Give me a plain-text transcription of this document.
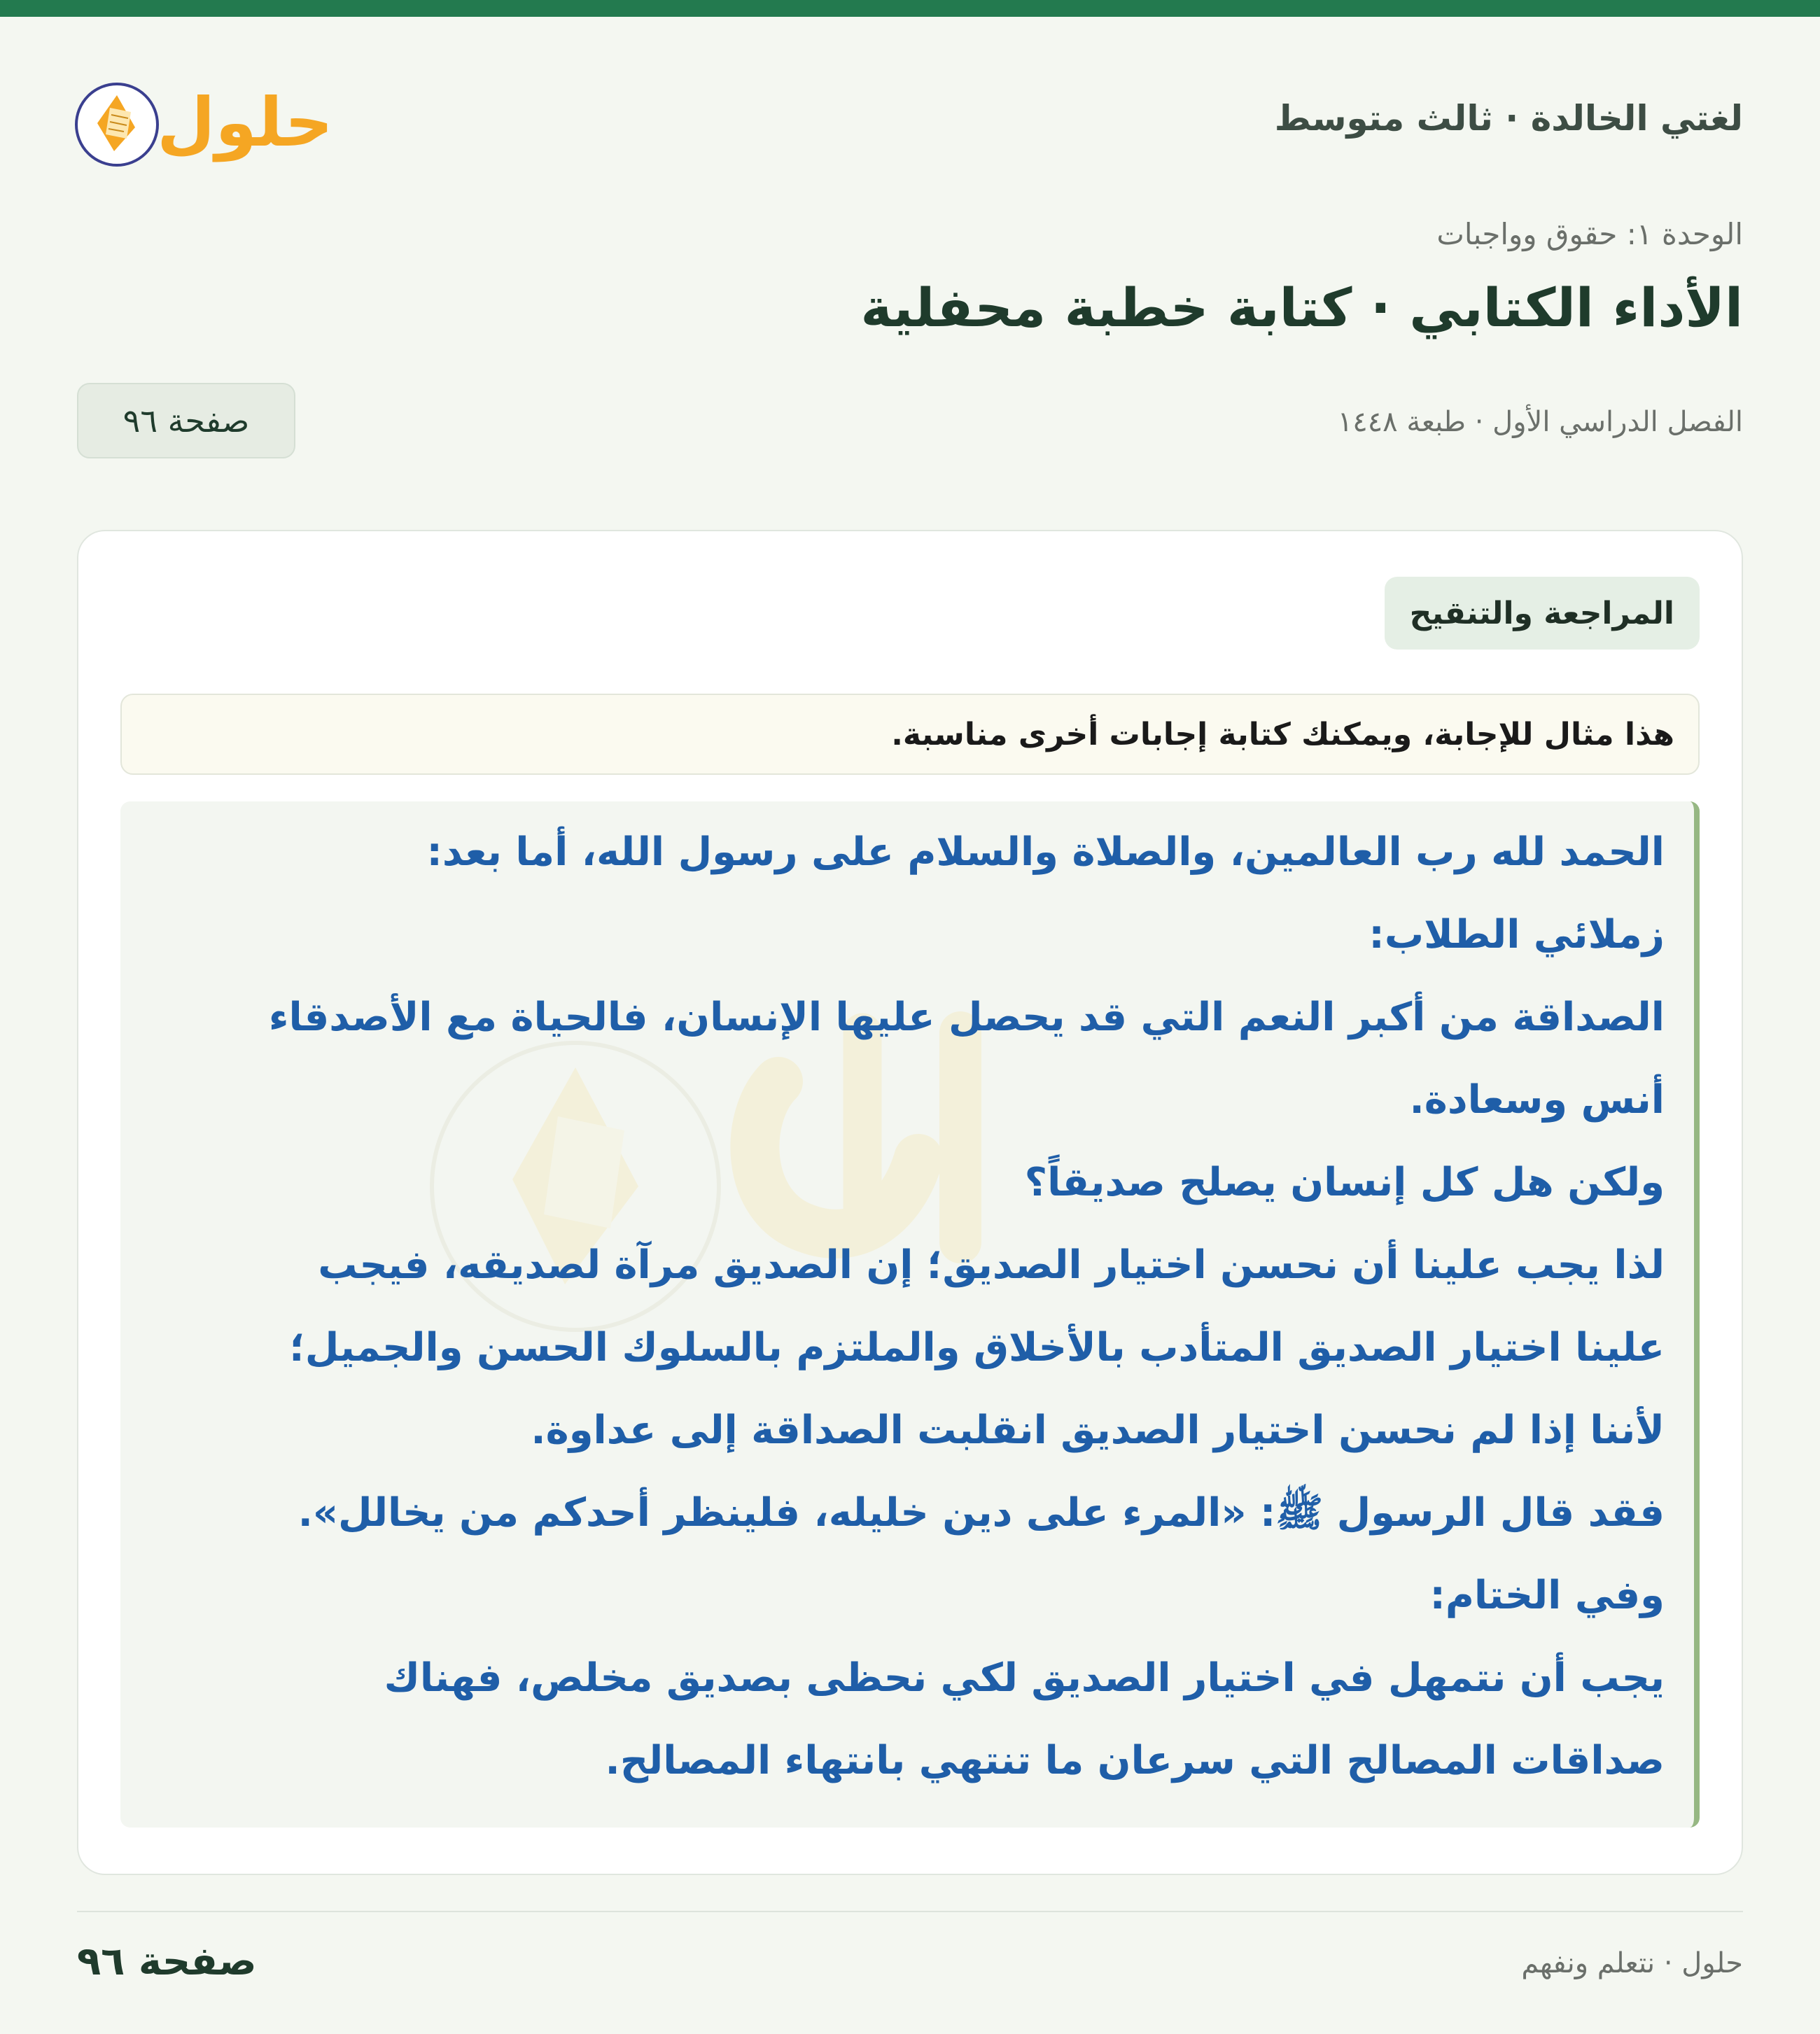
لغتي الخالدة · ثالث متوسط
حلول
الوحدة ١: حقوق وواجبات
الأداء الكتابي · كتابة خطبة محفلية
الفصل الدراسي الأول · طبعة ١٤٤٨
صفحة ٩٦
المراجعة والتنقيح
هذا مثال للإجابة، ويمكنك كتابة إجابات أخرى مناسبة.
الحمد لله رب العالمين، والصلاة والسلام على رسول الله، أما بعد:
زملائي الطلاب:
الصداقة من أكبر النعم التي قد يحصل عليها الإنسان، فالحياة مع الأصدقاء
أنس وسعادة.
ولكن هل كل إنسان يصلح صديقاً؟
لذا يجب علينا أن نحسن اختيار الصديق؛ إن الصديق مرآة لصديقه، فيجب
علينا اختيار الصديق المتأدب بالأخلاق والملتزم بالسلوك الحسن والجميل؛
لأننا إذا لم نحسن اختيار الصديق انقلبت الصداقة إلى عداوة.
فقد قال الرسول ﷺ: «المرء على دين خليله، فلينظر أحدكم من يخالل».
وفي الختام:
يجب أن نتمهل في اختيار الصديق لكي نحظى بصديق مخلص، فهناك
صداقات المصالح التي سرعان ما تنتهي بانتهاء المصالح.
حلول · نتعلم ونفهم
صفحة ٩٦
